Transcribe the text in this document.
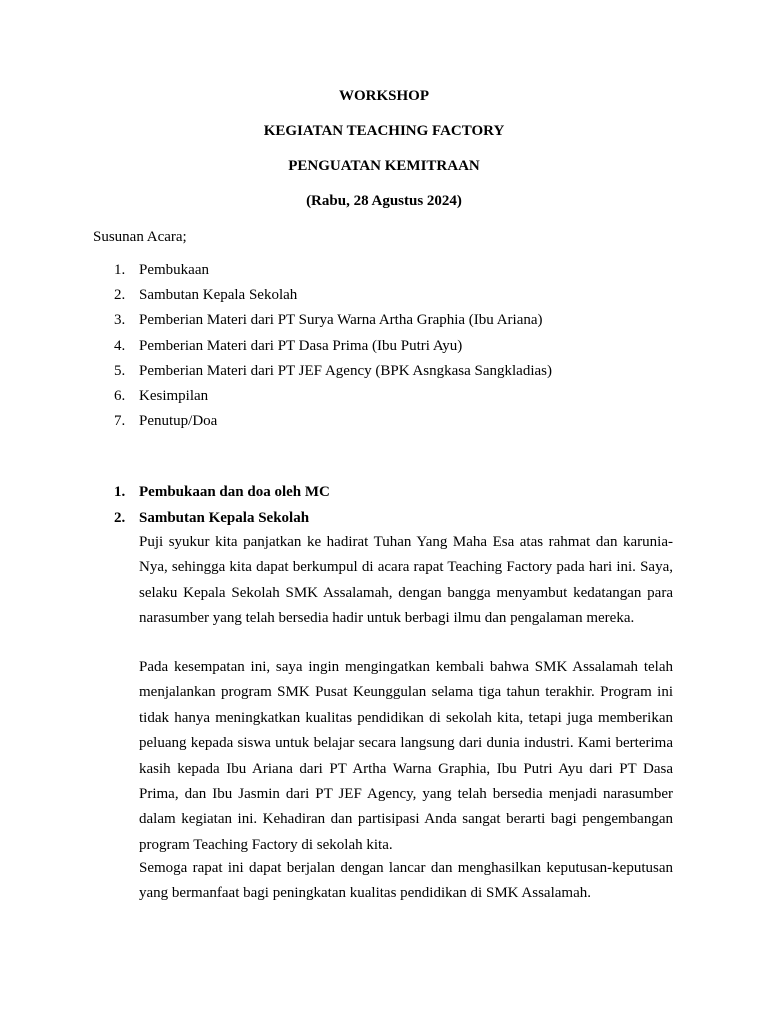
WORKSHOP
KEGIATAN TEACHING FACTORY
PENGUATAN KEMITRAAN
(Rabu, 28 Agustus 2024)
Susunan Acara;
1. Pembukaan
2. Sambutan Kepala Sekolah
3. Pemberian Materi dari PT Surya Warna Artha Graphia (Ibu Ariana)
4. Pemberian Materi dari PT Dasa Prima (Ibu Putri Ayu)
5. Pemberian Materi dari PT JEF Agency (BPK Asngkasa Sangkladias)
6. Kesimpilan
7. Penutup/Doa
1. Pembukaan dan doa oleh MC
2. Sambutan Kepala Sekolah
Puji syukur kita panjatkan ke hadirat Tuhan Yang Maha Esa atas rahmat dan karunia-Nya, sehingga kita dapat berkumpul di acara rapat Teaching Factory pada hari ini. Saya, selaku Kepala Sekolah SMK Assalamah, dengan bangga menyambut kedatangan para narasumber yang telah bersedia hadir untuk berbagi ilmu dan pengalaman mereka.
Pada kesempatan ini, saya ingin mengingatkan kembali bahwa SMK Assalamah telah menjalankan program SMK Pusat Keunggulan selama tiga tahun terakhir. Program ini tidak hanya meningkatkan kualitas pendidikan di sekolah kita, tetapi juga memberikan peluang kepada siswa untuk belajar secara langsung dari dunia industri. Kami berterima kasih kepada Ibu Ariana dari PT Artha Warna Graphia, Ibu Putri Ayu dari PT Dasa Prima, dan Ibu Jasmin dari PT JEF Agency, yang telah bersedia menjadi narasumber dalam kegiatan ini. Kehadiran dan partisipasi Anda sangat berarti bagi pengembangan program Teaching Factory di sekolah kita.
Semoga rapat ini dapat berjalan dengan lancar dan menghasilkan keputusan-keputusan yang bermanfaat bagi peningkatan kualitas pendidikan di SMK Assalamah.
